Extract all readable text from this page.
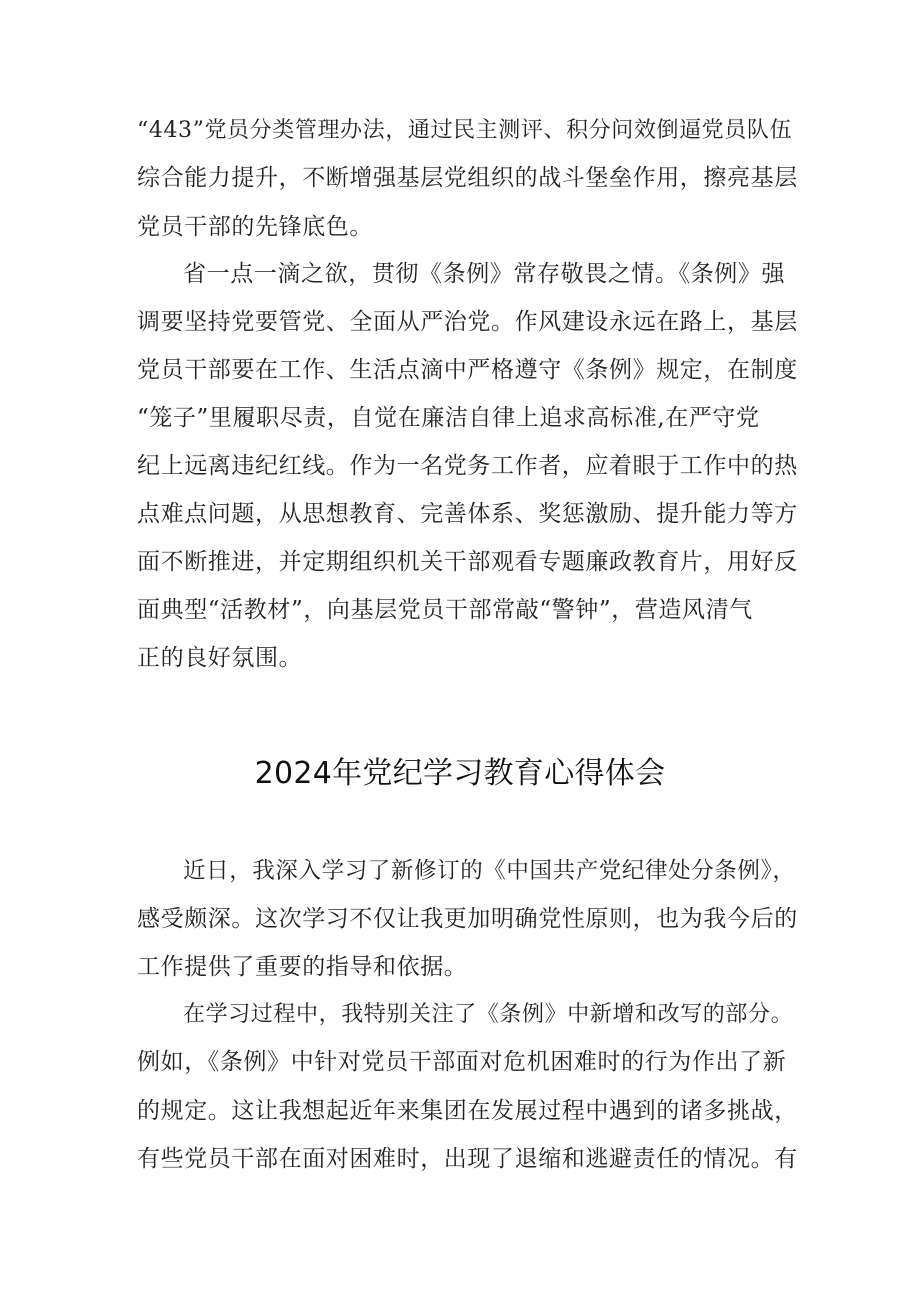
“443”党员分类管理办法，通过民主测评、积分问效倒逼党员队伍

综合能力提升，不断增强基层党组织的战斗堡垒作用，擦亮基层

党员干部的先锋底色。

省一点一滴之欲，贯彻《条例》常存敬畏之情。《条例》强

调要坚持党要管党、全面从严治党。作风建设永远在路上，基层

党员干部要在工作、生活点滴中严格遵守《条例》规定，在制度

“笼子”里履职尽责，自觉在廉洁自律上追求高标准,在严守党

纪上远离违纪红线。作为一名党务工作者，应着眼于工作中的热

点难点问题，从思想教育、完善体系、奖惩激励、提升能力等方

面不断推进，并定期组织机关干部观看专题廉政教育片，用好反

面典型“活教材”，向基层党员干部常敲“警钟”，营造风清气

正的良好氛围。

2024年党纪学习教育心得体会

近日，我深入学习了新修订的《中国共产党纪律处分条例》，

感受颇深。这次学习不仅让我更加明确党性原则，也为我今后的

工作提供了重要的指导和依据。

在学习过程中，我特别关注了《条例》中新增和改写的部分。

例如，《条例》中针对党员干部面对危机困难时的行为作出了新

的规定。这让我想起近年来集团在发展过程中遇到的诸多挑战，

有些党员干部在面对困难时，出现了退缩和逃避责任的情况。有
